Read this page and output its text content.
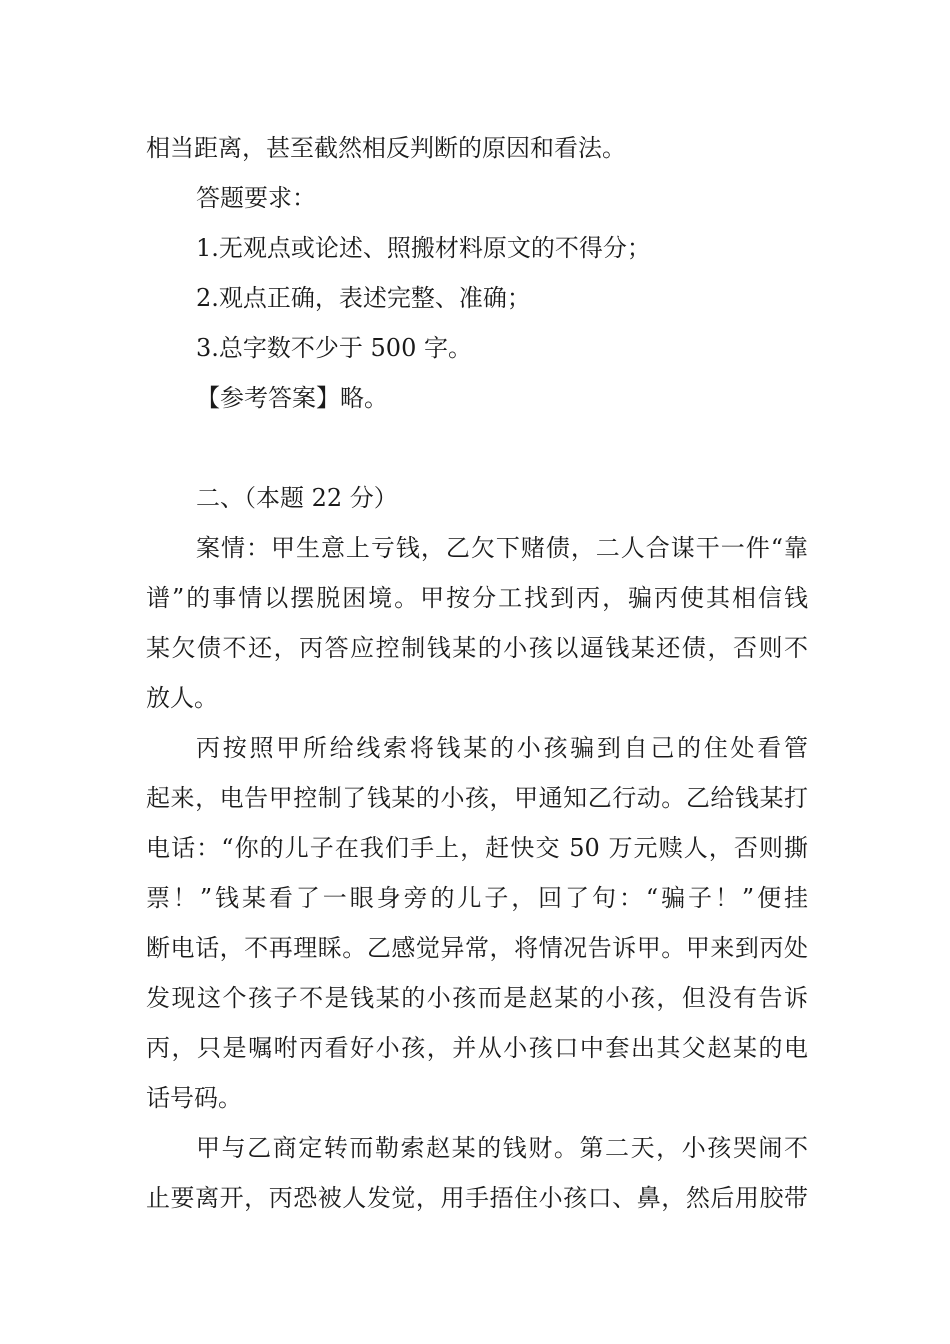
相当距离，甚至截然相反判断的原因和看法。
答题要求：
1.无观点或论述、照搬材料原文的不得分；
2.观点正确，表述完整、准确；
3.总字数不少于 500 字。
【参考答案】略。
二、（本题 22 分）
案情：甲生意上亏钱，乙欠下赌债，二人合谋干一件“靠
谱”的事情以摆脱困境。甲按分工找到丙，骗丙使其相信钱
某欠债不还，丙答应控制钱某的小孩以逼钱某还债，否则不
放人。
丙按照甲所给线索将钱某的小孩骗到自己的住处看管
起来，电告甲控制了钱某的小孩，甲通知乙行动。乙给钱某打
电话：“你的儿子在我们手上，赶快交 50 万元赎人，否则撕
票！”钱某看了一眼身旁的儿子，回了句：“骗子！”便挂
断电话，不再理睬。乙感觉异常，将情况告诉甲。甲来到丙处
发现这个孩子不是钱某的小孩而是赵某的小孩，但没有告诉
丙，只是嘱咐丙看好小孩，并从小孩口中套出其父赵某的电
话号码。
甲与乙商定转而勒索赵某的钱财。第二天，小孩哭闹不
止要离开，丙恐被人发觉，用手捂住小孩口、鼻，然后用胶带
